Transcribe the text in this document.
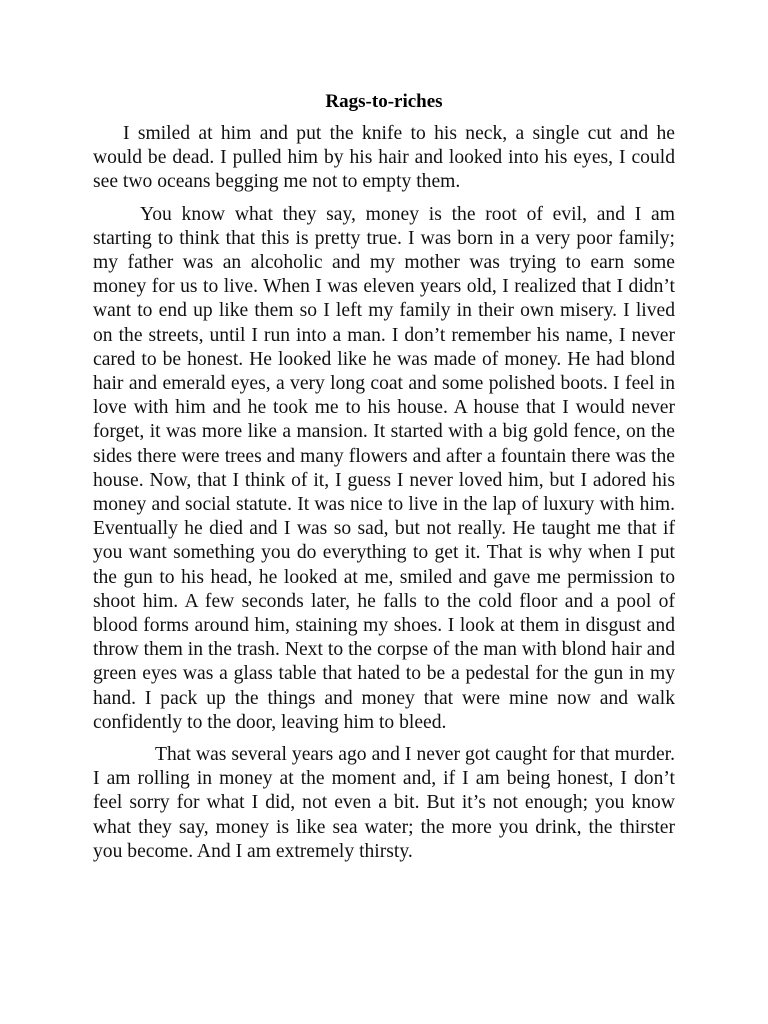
Rags-to-riches

I smiled at him and put the knife to his neck, a single cut and he would be dead. I pulled him by his hair and looked into his eyes, I could see two oceans begging me not to empty them.

You know what they say, money is the root of evil, and I am starting to think that this is pretty true. I was born in a very poor family; my father was an alcoholic and my mother was trying to earn some money for us to live. When I was eleven years old, I realized that I didn’t want to end up like them so I left my family in their own misery. I lived on the streets, until I run into a man. I don’t remember his name, I never cared to be honest. He looked like he was made of money. He had blond hair and emerald eyes, a very long coat and some polished boots. I feel in love with him and he took me to his house. A house that I would never forget, it was more like a mansion. It started with a big gold fence, on the sides there were trees and many flowers and after a fountain there was the house. Now, that I think of it, I guess I never loved him, but I adored his money and social statute. It was nice to live in the lap of luxury with him. Eventually he died and I was so sad, but not really. He taught me that if you want something you do everything to get it. That is why when I put the gun to his head, he looked at me, smiled and gave me permission to shoot him. A few seconds later, he falls to the cold floor and a pool of blood forms around him, staining my shoes. I look at them in disgust and throw them in the trash. Next to the corpse of the man with blond hair and green eyes was a glass table that hated to be a pedestal for the gun in my hand. I pack up the things and money that were mine now and walk confidently to the door, leaving him to bleed.

That was several years ago and I never got caught for that murder. I am rolling in money at the moment and, if I am being honest, I don’t feel sorry for what I did, not even a bit. But it’s not enough; you know what they say, money is like sea water; the more you drink, the thirster you become. And I am extremely thirsty.
